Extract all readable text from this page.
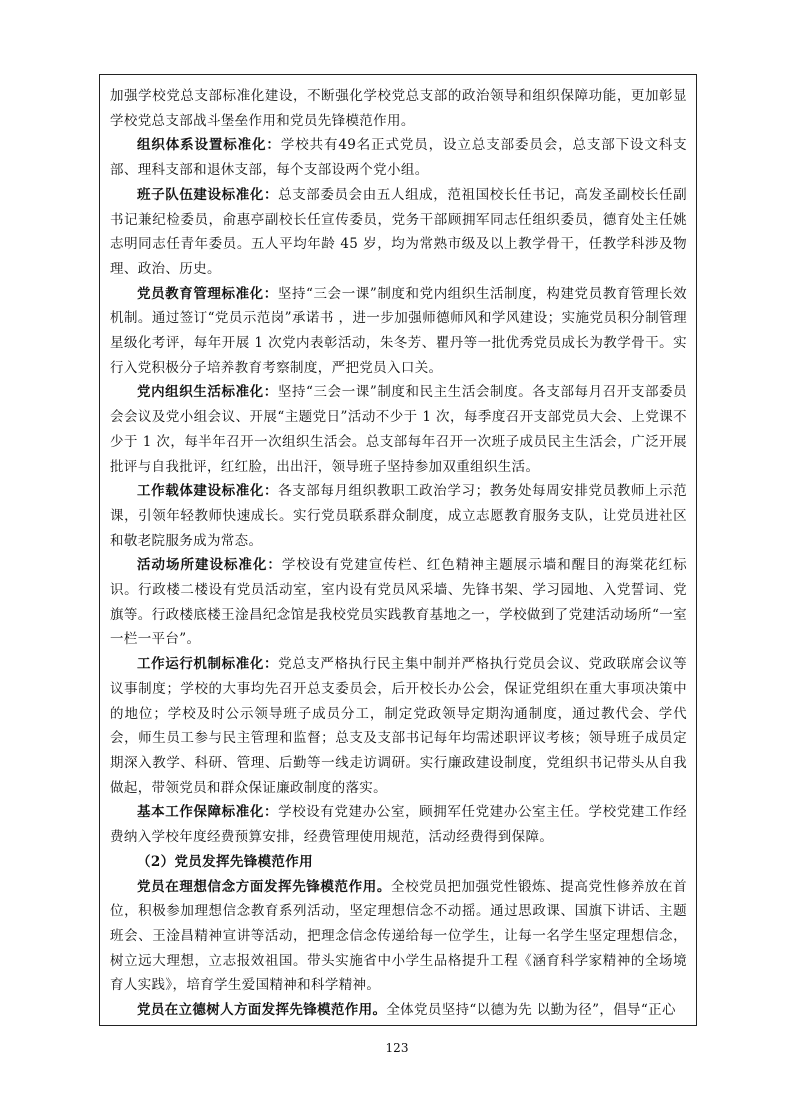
加强学校党总支部标准化建设，不断强化学校党总支部的政治领导和组织保障功能，更加彰显学校党总支部战斗堡垒作用和党员先锋模范作用。

组织体系设置标准化：学校共有49名正式党员，设立总支部委员会，总支部下设文科支部、理科支部和退休支部，每个支部设两个党小组。

班子队伍建设标准化：总支部委员会由五人组成，范祖国校长任书记，高发圣副校长任副书记兼纪检委员，俞惠亭副校长任宣传委员，党务干部顾拥军同志任组织委员，德育处主任姚志明同志任青年委员。五人平均年龄 45 岁，均为常熟市级及以上教学骨干，任教学科涉及物理、政治、历史。

党员教育管理标准化：坚持“三会一课”制度和党内组织生活制度，构建党员教育管理长效机制。通过签订“党员示范岗”承诺书 ，进一步加强师德师风和学风建设；实施党员积分制管理星级化考评，每年开展 1 次党内表彰活动，朱冬芳、瞿丹等一批优秀党员成长为教学骨干。实行入党积极分子培养教育考察制度，严把党员入口关。

党内组织生活标准化：坚持“三会一课”制度和民主生活会制度。各支部每月召开支部委员会会议及党小组会议、开展“主题党日”活动不少于 1 次，每季度召开支部党员大会、上党课不少于 1 次，每半年召开一次组织生活会。总支部每年召开一次班子成员民主生活会，广泛开展批评与自我批评，红红脸，出出汗，领导班子坚持参加双重组织生活。

工作载体建设标准化：各支部每月组织教职工政治学习；教务处每周安排党员教师上示范课，引领年轻教师快速成长。实行党员联系群众制度，成立志愿教育服务支队，让党员进社区和敬老院服务成为常态。

活动场所建设标准化：学校设有党建宣传栏、红色精神主题展示墙和醒目的海棠花红标识。行政楼二楼设有党员活动室，室内设有党员风采墙、先锋书架、学习园地、入党誓词、党旗等。行政楼底楼王淦昌纪念馆是我校党员实践教育基地之一，学校做到了党建活动场所“一室一栏一平台”。

工作运行机制标准化：党总支严格执行民主集中制并严格执行党员会议、党政联席会议等议事制度；学校的大事均先召开总支委员会，后开校长办公会，保证党组织在重大事项决策中的地位；学校及时公示领导班子成员分工，制定党政领导定期沟通制度，通过教代会、学代会，师生员工参与民主管理和监督；总支及支部书记每年均需述职评议考核；领导班子成员定期深入教学、科研、管理、后勤等一线走访调研。实行廉政建设制度，党组织书记带头从自我做起，带领党员和群众保证廉政制度的落实。

基本工作保障标准化：学校设有党建办公室，顾拥军任党建办公室主任。学校党建工作经费纳入学校年度经费预算安排，经费管理使用规范，活动经费得到保障。

（2）党员发挥先锋模范作用

党员在理想信念方面发挥先锋模范作用。全校党员把加强党性锻炼、提高党性修养放在首位，积极参加理想信念教育系列活动，坚定理想信念不动摇。通过思政课、国旗下讲话、主题班会、王淦昌精神宣讲等活动，把理念信念传递给每一位学生，让每一名学生坚定理想信念，树立远大理想，立志报效祖国。带头实施省中小学生品格提升工程《涵育科学家精神的全场境育人实践》，培育学生爱国精神和科学精神。

党员在立德树人方面发挥先锋模范作用。全体党员坚持“以德为先 以勤为径”，倡导“正心

123
